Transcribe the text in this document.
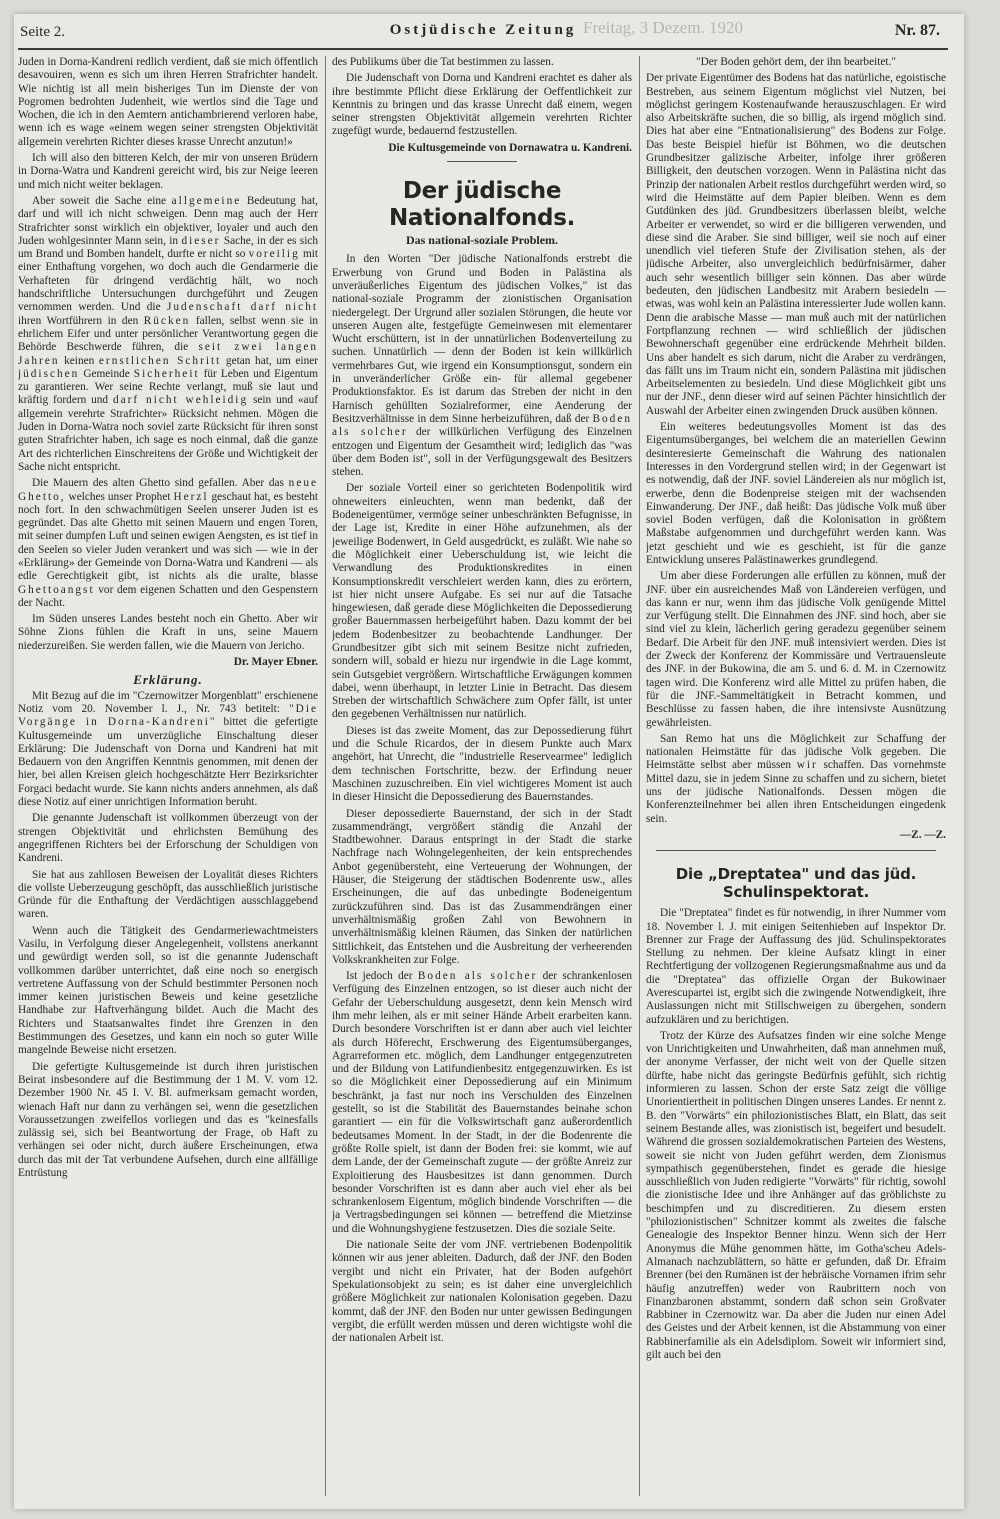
Seite 2.	Freitag, 3 Dezem. 1920
Ostjüdische Zeitung	Nr. 87.

Juden in Dorna-Kandreni redlich verdient, daß sie mich öffentlich desavouiren, wenn es sich um ihren Herren Strafrichter handelt. Wie nichtig ist all mein bisheriges Tun im Dienste der von Pogromen bedrohten Judenheit, wie wertlos sind die Tage und Wochen, die ich in den Aemtern antichambrierend verloren habe, wenn ich es wage «einem wegen seiner strengsten Objektivität allgemein verehrten Richter dieses krasse Unrecht anzutun!»

Ich will also den bitteren Kelch, der mir von unseren Brüdern in Dorna-Watra und Kandreni gereicht wird, bis zur Neige leeren und mich nicht weiter beklagen.

Aber soweit die Sache eine allgemeine Bedeutung hat, darf und will ich nicht schweigen. Denn mag auch der Herr Strafrichter sonst wirklich ein objektiver, loyaler und auch den Juden wohlgesinnter Mann sein, in dieser Sache, in der es sich um Brand und Bomben handelt, durfte er nicht so voreilig mit einer Enthaftung vorgehen, wo doch auch die Gendarmerie die Verhafteten für dringend verdächtig hält, wo noch handschriftliche Untersuchungen durchgeführt und Zeugen vernommen werden. Und die Judenschaft darf nicht ihren Wortführern in den Rücken fallen, selbst wenn sie in ehrlichem Eifer und unter persönlicher Verantwortung gegen die Behörde Beschwerde führen, die seit zwei langen Jahren keinen ernstlichen Schritt getan hat, um einer jüdischen Gemeinde Sicherheit für Leben und Eigentum zu garantieren. Wer seine Rechte verlangt, muß sie laut und kräftig fordern und darf nicht wehleidig sein und «auf allgemein verehrte Strafrichter» Rücksicht nehmen. Mögen die Juden in Dorna-Watra noch soviel zarte Rücksicht für ihren sonst guten Strafrichter haben, ich sage es noch einmal, daß die ganze Art des richterlichen Einschreitens der Größe und Wichtigkeit der Sache nicht entspricht.

Die Mauern des alten Ghetto sind gefallen. Aber das neue Ghetto, welches unser Prophet Herzl geschaut hat, es besteht noch fort. In den schwachmütigen Seelen unserer Juden ist es gegründet. Das alte Ghetto mit seinen Mauern und engen Toren, mit seiner dumpfen Luft und seinen ewigen Aengsten, es ist tief in den Seelen so vieler Juden verankert und was sich — wie in der «Erklärung» der Gemeinde von Dorna-Watra und Kandreni — als edle Gerechtigkeit gibt, ist nichts als die uralte, blasse Ghettoangst vor dem eigenen Schatten und den Gespenstern der Nacht.

Im Süden unseres Landes besteht noch ein Ghetto. Aber wir Söhne Zions fühlen die Kraft in uns, seine Mauern niederzureißen. Sie werden fallen, wie die Mauern von Jericho.

Dr. Mayer Ebner.

Erklärung.

Mit Bezug auf die im "Czernowitzer Morgenblatt" erschienene Notiz vom 20. November l. J., Nr. 743 betitelt: "Die Vorgänge in Dorna-Kandreni" bittet die gefertigte Kultusgemeinde um unverzügliche Einschaltung dieser Erklärung: Die Judenschaft von Dorna und Kandreni hat mit Bedauern von den Angriffen Kenntnis genommen, mit denen der hier, bei allen Kreisen gleich hochgeschätzte Herr Bezirksrichter Forgaci bedacht wurde. Sie kann nichts anders annehmen, als daß diese Notiz auf einer unrichtigen Information beruht.

Die genannte Judenschaft ist vollkommen überzeugt von der strengen Objektivität und ehrlichsten Bemühung des angegriffenen Richters bei der Erforschung der Schuldigen von Kandreni.

Sie hat aus zahllosen Beweisen der Loyalität dieses Richters die vollste Ueberzeugung geschöpft, das ausschließlich juristische Gründe für die Enthaftung der Verdächtigen ausschlaggebend waren.

Wenn auch die Tätigkeit des Gendarmeriewachtmeisters Vasilu, in Verfolgung dieser Angelegenheit, vollstens anerkannt und gewürdigt werden soll, so ist die genannte Judenschaft vollkommen darüber unterrichtet, daß eine noch so energisch vertretene Auffassung von der Schuld bestimmter Personen noch immer keinen juristischen Beweis und keine gesetzliche Handhabe zur Haftverhängung bildet. Auch die Macht des Richters und Staatsanwaltes findet ihre Grenzen in den Bestimmungen des Gesetzes, und kann ein noch so guter Wille mangelnde Beweise nicht ersetzen.

Die gefertigte Kultusgemeinde ist durch ihren juristischen Beirat insbesondere auf die Bestimmung der 1 M. V. vom 12. Dezember 1900 Nr. 45 I. V. Bl. aufmerksam gemacht worden, wienach Haft nur dann zu verhängen sei, wenn die gesetzlichen Voraussetzungen zweifellos vorliegen und das es "keinesfalls zulässig sei, sich bei Beantwortung der Frage, ob Haft zu verhängen sei oder nicht, durch äußere Erscheinungen, etwa durch das mit der Tat verbundene Aufsehen, durch eine allfällige Entrüstung

des Publikums über die Tat bestimmen zu lassen.

Die Judenschaft von Dorna und Kandreni erachtet es daher als ihre bestimmte Pflicht diese Erklärung der Oeffentlichkeit zur Kenntnis zu bringen und das krasse Unrecht daß einem, wegen seiner strengsten Objektivität allgemein verehrten Richter zugefügt wurde, bedauernd festzustellen.

Die Kultusgemeinde von Dornawatra u. Kandreni.

Der jüdische Nationalfonds.
Das national-soziale Problem.

In den Worten "Der jüdische Nationalfonds erstrebt die Erwerbung von Grund und Boden in Palästina als unveräußerliches Eigentum des jüdischen Volkes," ist das national-soziale Programm der zionistischen Organisation niedergelegt. Der Urgrund aller sozialen Störungen, die heute vor unseren Augen alte, festgefügte Gemeinwesen mit elementarer Wucht erschüttern, ist in der unnatürlichen Bodenverteilung zu suchen. Unnatürlich — denn der Boden ist kein willkürlich vermehrbares Gut, wie irgend ein Konsumptionsgut, sondern ein in unveränderlicher Größe ein- für allemal gegebener Produktionsfaktor. Es ist darum das Streben der nicht in den Harnisch gehüllten Sozialreformer, eine Aenderung der Besitzverhältnisse in dem Sinne herbeizuführen, daß der Boden als solcher der willkürlichen Verfügung des Einzelnen entzogen und Eigentum der Gesamtheit wird; lediglich das "was über dem Boden ist", soll in der Verfügungsgewalt des Besitzers stehen.

Der soziale Vorteil einer so gerichteten Bodenpolitik wird ohneweiters einleuchten, wenn man bedenkt, daß der Bodeneigentümer, vermöge seiner unbeschränkten Befugnisse, in der Lage ist, Kredite in einer Höhe aufzunehmen, als der jeweilige Bodenwert, in Geld ausgedrückt, es zuläßt. Wie nahe so die Möglichkeit einer Ueberschuldung ist, wie leicht die Verwandlung des Produktionskredites in einen Konsumptionskredit verschleiert werden kann, dies zu erörtern, ist hier nicht unsere Aufgabe. Es sei nur auf die Tatsache hingewiesen, daß gerade diese Möglichkeiten die Depossedierung großer Bauernmassen herbeigeführt haben. Dazu kommt der bei jedem Bodenbesitzer zu beobachtende Landhunger. Der Grundbesitzer gibt sich mit seinem Besitze nicht zufrieden, sondern will, sobald er hiezu nur irgendwie in die Lage kommt, sein Gutsgebiet vergrößern. Wirtschaftliche Erwägungen kommen dabei, wenn überhaupt, in letzter Linie in Betracht. Das diesem Streben der wirtschaftlich Schwächere zum Opfer fällt, ist unter den gegebenen Verhältnissen nur natürlich.

Dieses ist das zweite Moment, das zur Depossedierung führt und die Schule Ricardos, der in diesem Punkte auch Marx angehört, hat Unrecht, die "industrielle Reservearmee" lediglich dem technischen Fortschritte, bezw. der Erfindung neuer Maschinen zuzuschreiben. Ein viel wichtigeres Moment ist auch in dieser Hinsicht die Depossedierung des Bauernstandes.

Dieser depossedierte Bauernstand, der sich in der Stadt zusammendrängt, vergrößert ständig die Anzahl der Stadtbewohner. Daraus entspringt in der Stadt die starke Nachfrage nach Wohngelegenheiten, der kein entsprechendes Anbot gegenübersteht, eine Verteuerung der Wohnungen, der Häuser, die Steigerung der städtischen Bodenrente usw., alles Erscheinungen, die auf das unbedingte Bodeneigentum zurückzuführen sind. Das ist das Zusammendrängen einer unverhältnismäßig großen Zahl von Bewohnern in unverhältnismäßig kleinen Räumen, das Sinken der natürlichen Sittlichkeit, das Entstehen und die Ausbreitung der verheerenden Volkskrankheiten zur Folge.

Ist jedoch der Boden als solcher der schrankenlosen Verfügung des Einzelnen entzogen, so ist dieser auch nicht der Gefahr der Ueberschuldung ausgesetzt, denn kein Mensch wird ihm mehr leihen, als er mit seiner Hände Arbeit erarbeiten kann. Durch besondere Vorschriften ist er dann aber auch viel leichter als durch Höferecht, Erschwerung des Eigentumsüberganges, Agrarreformen etc. möglich, dem Landhunger entgegenzutreten und der Bildung von Latifundienbesitz entgegenzuwirken. Es ist so die Möglichkeit einer Depossedierung auf ein Minimum beschränkt, ja fast nur noch ins Verschulden des Einzelnen gestellt, so ist die Stabilität des Bauernstandes beinahe schon garantiert — ein für die Volkswirtschaft ganz außerordentlich bedeutsames Moment. In der Stadt, in der die Bodenrente die größte Rolle spielt, ist dann der Boden frei: sie kommt, wie auf dem Lande, der der Gemeinschaft zugute — der größte Anreiz zur Exploitierung des Hausbesitzes ist dann genommen. Durch besonder Vorschriften ist es dann aber auch viel eher als bei schrankenlosem Eigentum, möglich bindende Vorschriften — die ja Vertragsbedingungen sei können — betreffend die Mietzinse und die Wohnungshygiene festzusetzen. Dies die soziale Seite.

Die nationale Seite der vom JNF. vertriebenen Bodenpolitik können wir aus jener ableiten. Dadurch, daß der JNF. den Boden vergibt und nicht ein Privater, hat der Boden aufgehört Spekulationsobjekt zu sein; es ist daher eine unvergleichlich größere Möglichkeit zur nationalen Kolonisation gegeben. Dazu kommt, daß der JNF. den Boden nur unter gewissen Bedingungen vergibt, die erfüllt werden müssen und deren wichtigste wohl die der nationalen Arbeit ist.

"Der Boden gehört dem, der ihn bearbeitet."

Der private Eigentümer des Bodens hat das natürliche, egoistische Bestreben, aus seinem Eigentum möglichst viel Nutzen, bei möglichst geringem Kostenaufwande herauszuschlagen. Er wird also Arbeitskräfte suchen, die so billig, als irgend möglich sind. Dies hat aber eine "Entnationalisierung" des Bodens zur Folge. Das beste Beispiel hiefür ist Böhmen, wo die deutschen Grundbesitzer galizische Arbeiter, infolge ihrer größeren Billigkeit, den deutschen vorzogen. Wenn in Palästina nicht das Prinzip der nationalen Arbeit restlos durchgeführt werden wird, so wird die Heimstätte auf dem Papier bleiben. Wenn es dem Gutdünken des jüd. Grundbesitzers überlassen bleibt, welche Arbeiter er verwendet, so wird er die billigeren verwenden, und diese sind die Araber. Sie sind billiger, weil sie noch auf einer unendlich viel tieferen Stufe der Zivilisation stehen, als der jüdische Arbeiter, also unvergleichlich bedürfnisärmer, daher auch sehr wesentlich billiger sein können. Das aber würde bedeuten, den jüdischen Landbesitz mit Arabern besiedeln — etwas, was wohl kein an Palästina interessierter Jude wollen kann. Denn die arabische Masse — man muß auch mit der natürlichen Fortpflanzung rechnen — wird schließlich der jüdischen Bewohnerschaft gegenüber eine erdrückende Mehrheit bilden. Uns aber handelt es sich darum, nicht die Araber zu verdrängen, das fällt uns im Traum nicht ein, sondern Palästina mit jüdischen Arbeitselementen zu besiedeln. Und diese Möglichkeit gibt uns nur der JNF., denn dieser wird auf seinen Pächter hinsichtlich der Auswahl der Arbeiter einen zwingenden Druck ausüben können.

Ein weiteres bedeutungsvolles Moment ist das des Eigentumsüberganges, bei welchem die an materiellen Gewinn desinteresierte Gemeinschaft die Wahrung des nationalen Interesses in den Vordergrund stellen wird; in der Gegenwart ist es notwendig, daß der JNF. soviel Ländereien als nur möglich ist, erwerbe, denn die Bodenpreise steigen mit der wachsenden Einwanderung. Der JNF., daß heißt: Das jüdische Volk muß über soviel Boden verfügen, daß die Kolonisation in größtem Maßstabe aufgenommen und durchgeführt werden kann. Was jetzt geschieht und wie es geschieht, ist für die ganze Entwicklung unseres Palästinawerkes grundlegend.

Um aber diese Forderungen alle erfüllen zu können, muß der JNF. über ein ausreichendes Maß von Ländereien verfügen, und das kann er nur, wenn ihm das jüdische Volk genügende Mittel zur Verfügung stellt. Die Einnahmen des JNF. sind hoch, aber sie sind viel zu klein, lächerlich gering geradezu gegenüber seinem Bedarf. Die Arbeit für den JNF. muß intensiviert werden. Dies ist der Zweck der Konferenz der Kommissäre und Vertrauensleute des JNF. in der Bukowina, die am 5. und 6. d. M. in Czernowitz tagen wird. Die Konferenz wird alle Mittel zu prüfen haben, die für die JNF.-Sammeltätigkeit in Betracht kommen, und Beschlüsse zu fassen haben, die ihre intensivste Ausnützung gewährleisten.

San Remo hat uns die Möglichkeit zur Schaffung der nationalen Heimstätte für das jüdische Volk gegeben. Die Heimstätte selbst aber müssen wir schaffen. Das vornehmste Mittel dazu, sie in jedem Sinne zu schaffen und zu sichern, bietet uns der jüdische Nationalfonds. Dessen mögen die Konferenzteilnehmer bei allen ihren Entscheidungen eingedenk sein.

—Z. —Z.

Die „Dreptatea" und das jüd. Schulinspektorat.

Die "Dreptatea" findet es für notwendig, in ihrer Nummer vom 18. November l. J. mit einigen Seitenhieben auf Inspektor Dr. Brenner zur Frage der Auffassung des jüd. Schulinspektorates Stellung zu nehmen. Der kleine Aufsatz klingt in einer Rechtfertigung der vollzogenen Regierungsmaßnahme aus und da die "Dreptatea" das offizielle Organ der Bukowinaer Averescupartei ist, ergibt sich die zwingende Notwendigkeit, ihre Auslassungen nicht mit Stillschweigen zu übergehen, sondern aufzuklären und zu berichtigen.

Trotz der Kürze des Aufsatzes finden wir eine solche Menge von Unrichtigkeiten und Unwahrheiten, daß man annehmen muß, der anonyme Verfasser, der nicht weit von der Quelle sitzen dürfte, habe nicht das geringste Bedürfnis gefühlt, sich richtig informieren zu lassen. Schon der erste Satz zeigt die völlige Unorientiertheit in politischen Dingen unseres Landes. Er nennt z. B. den "Vorwärts" ein philozionistisches Blatt, ein Blatt, das seit seinem Bestande alles, was zionistisch ist, begeifert und besudelt. Während die grossen sozialdemokratischen Parteien des Westens, soweit sie nicht von Juden geführt werden, dem Zionismus sympathisch gegenüberstehen, findet es gerade die hiesige ausschließlich von Juden redigierte "Vorwärts" für richtig, sowohl die zionistische Idee und ihre Anhänger auf das gröblichste zu beschimpfen und zu discreditieren. Zu diesem ersten "philozionistischen" Schnitzer kommt als zweites die falsche Genealogie des Inspektor Benner hinzu. Wenn sich der Herr Anonymus die Mühe genommen hätte, im Gotha'scheu Adels-Almanach nachzublättern, so hätte er gefunden, daß Dr. Efraim Brenner (bei den Rumänen ist der hebräische Vornamen ifrim sehr häufig anzutreffen) weder von Raubrittern noch von Finanzbaronen abstammt, sondern daß schon sein Großvater Rabbiner in Czernowitz war. Da aber die Juden nur einen Adel des Geistes und der Arbeit kennen, ist die Abstammung von einer Rabbinerfamilie als ein Adelsdiplom. Soweit wir informiert sind, gilt auch bei den
